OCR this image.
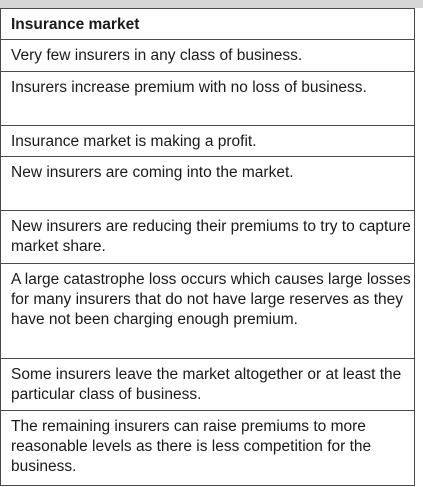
Insurance market
Very few insurers in any class of business.
Insurers increase premium with no loss of business.
Insurance market is making a profit.
New insurers are coming into the market.
New insurers are reducing their premiums to try to capture market share.
A large catastrophe loss occurs which causes large losses for many insurers that do not have large reserves as they have not been charging enough premium.
Some insurers leave the market altogether or at least the particular class of business.
The remaining insurers can raise premiums to more reasonable levels as there is less competition for the business.
